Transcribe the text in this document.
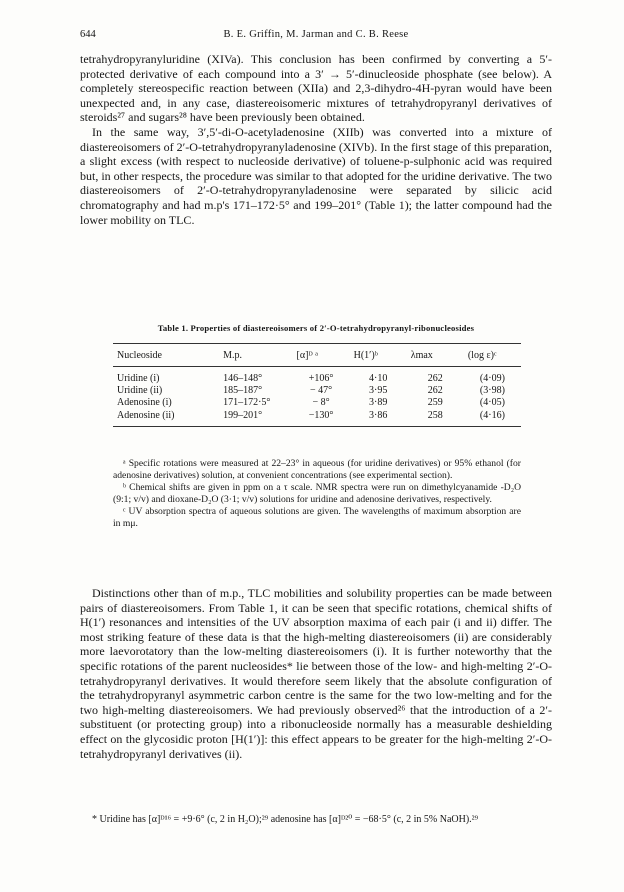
644	B. E. Griffin, M. Jarman and C. B. Reese

tetrahydropyranyluridine (XIVa). This conclusion has been confirmed by converting a 5′-protected derivative of each compound into a 3′ → 5′-dinucleoside phosphate (see below). A completely stereospecific reaction between (XIIa) and 2,3-dihydro-4H-pyran would have been unexpected and, in any case, diastereoisomeric mixtures of tetrahydropyranyl derivatives of steroids²⁷ and sugars²⁸ have been previously been obtained.

In the same way, 3′,5′-di-O-acetyladenosine (XIIb) was converted into a mixture of diastereoisomers of 2′-O-tetrahydropyranyladenosine (XIVb). In the first stage of this preparation, a slight excess (with respect to nucleoside derivative) of toluene-p-sulphonic acid was required but, in other respects, the procedure was similar to that adopted for the uridine derivative. The two diastereoisomers of 2′-O-tetrahydropyranyladenosine were separated by silicic acid chromatography and had m.p's 171–172·5° and 199–201° (Table 1); the latter compound had the lower mobility on TLC.

Table 1. Properties of diastereoisomers of 2′-O-tetrahydropyranyl-ribonucleosides
Nucleoside	M.p.	[α]ᴰ ᵃ	H(1′)ᵇ	λmax	(log ε)ᶜ
Uridine (i)	146–148°	+106°	4·10	262	(4·09)
Uridine (ii)	185–187°	− 47°	3·95	262	(3·98)
Adenosine (i)	171–172·5°	− 8°	3·89	259	(4·05)
Adenosine (ii)	199–201°	−130°	3·86	258	(4·16)

ᵃ Specific rotations were measured at 22–23° in aqueous (for uridine derivatives) or 95% ethanol (for adenosine derivatives) solution, at convenient concentrations (see experimental section).

ᵇ Chemical shifts are given in ppm on a τ scale. NMR spectra were run on dimethylcyanamide -D₂O (9:1; v/v) and dioxane-D₂O (3·1; v/v) solutions for uridine and adenosine derivatives, respectively.

ᶜ UV absorption spectra of aqueous solutions are given. The wavelengths of maximum absorption are in mμ.

Distinctions other than of m.p., TLC mobilities and solubility properties can be made between pairs of diastereoisomers. From Table 1, it can be seen that specific rotations, chemical shifts of H(1′) resonances and intensities of the UV absorption maxima of each pair (i and ii) differ. The most striking feature of these data is that the high-melting diastereoisomers (ii) are considerably more laevorotatory than the low-melting diastereoisomers (i). It is further noteworthy that the specific rotations of the parent nucleosides* lie between those of the low- and high-melting 2′-O-tetrahydropyranyl derivatives. It would therefore seem likely that the absolute configuration of the tetrahydropyranyl asymmetric carbon centre is the same for the two low-melting and for the two high-melting diastereoisomers. We had previously observed²⁶ that the introduction of a 2′-substituent (or protecting group) into a ribonucleoside normally has a measurable deshielding effect on the glycosidic proton [H(1′)]: this effect appears to be greater for the high-melting 2′-O-tetrahydropyranyl derivatives (ii).

* Uridine has [α]ᴰ¹⁶ = +9·6° (c, 2 in H₂O);²⁹ adenosine has [α]ᴰ²⁰ = −68·5° (c, 2 in 5% NaOH).²⁹
